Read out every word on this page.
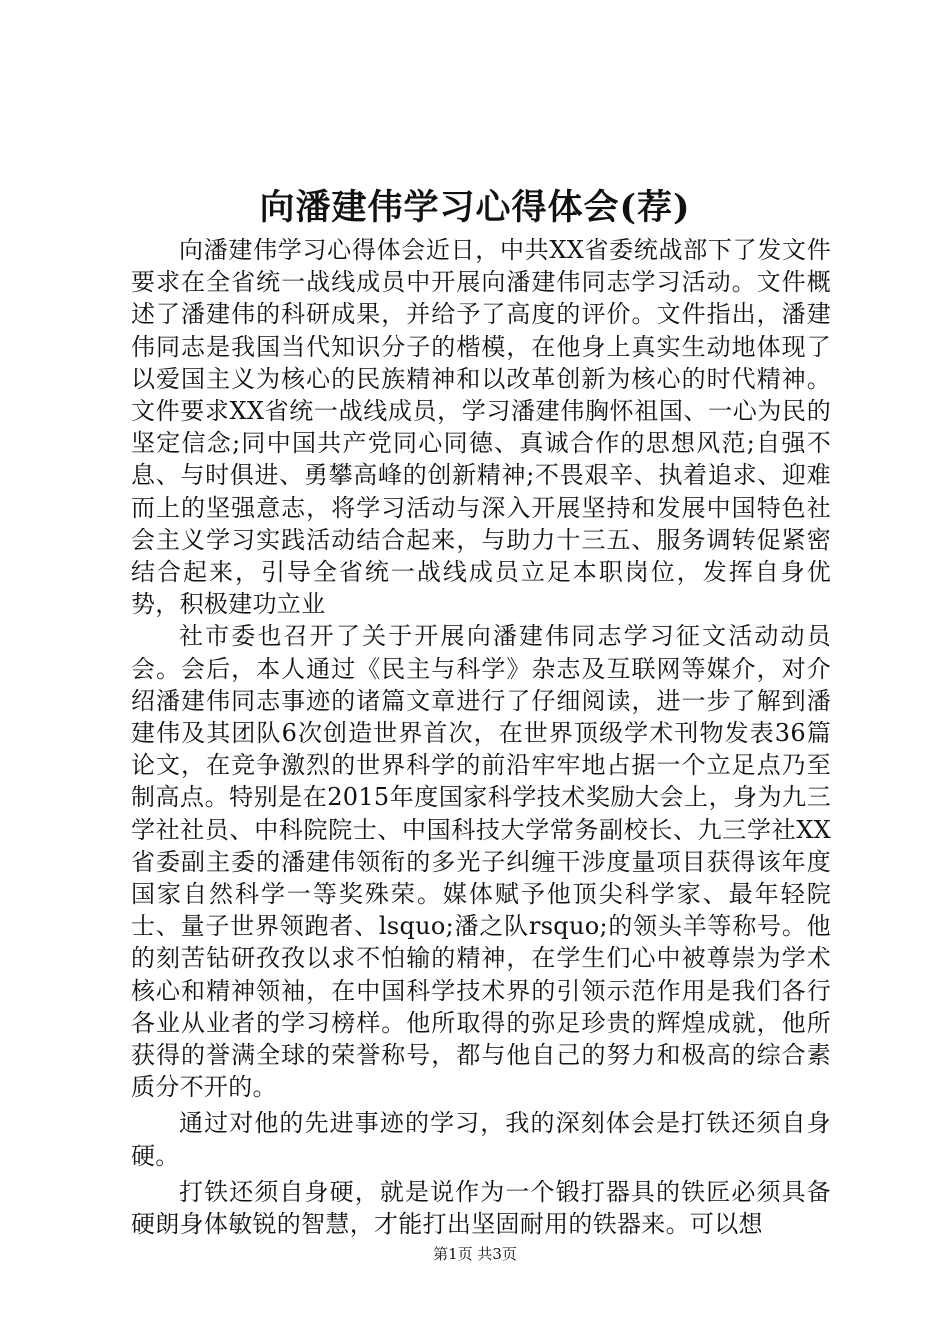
向潘建伟学习心得体会(荐)

向潘建伟学习心得体会近日，中共XX省委统战部下了发文件要求在全省统一战线成员中开展向潘建伟同志学习活动。文件概述了潘建伟的科研成果，并给予了高度的评价。文件指出，潘建伟同志是我国当代知识分子的楷模，在他身上真实生动地体现了以爱国主义为核心的民族精神和以改革创新为核心的时代精神。文件要求XX省统一战线成员，学习潘建伟胸怀祖国、一心为民的坚定信念;同中国共产党同心同德、真诚合作的思想风范;自强不息、与时俱进、勇攀高峰的创新精神;不畏艰辛、执着追求、迎难而上的坚强意志，将学习活动与深入开展坚持和发展中国特色社会主义学习实践活动结合起来，与助力十三五、服务调转促紧密结合起来，引导全省统一战线成员立足本职岗位，发挥自身优势，积极建功立业

社市委也召开了关于开展向潘建伟同志学习征文活动动员会。会后，本人通过《民主与科学》杂志及互联网等媒介，对介绍潘建伟同志事迹的诸篇文章进行了仔细阅读，进一步了解到潘建伟及其团队6次创造世界首次，在世界顶级学术刊物发表36篇论文，在竞争激烈的世界科学的前沿牢牢地占据一个立足点乃至制高点。特别是在2015年度国家科学技术奖励大会上，身为九三学社社员、中科院院士、中国科技大学常务副校长、九三学社XX省委副主委的潘建伟领衔的多光子纠缠干涉度量项目获得该年度国家自然科学一等奖殊荣。媒体赋予他顶尖科学家、最年轻院士、量子世界领跑者、lsquo;潘之队rsquo;的领头羊等称号。他的刻苦钻研孜孜以求不怕输的精神，在学生们心中被尊崇为学术核心和精神领袖，在中国科学技术界的引领示范作用是我们各行各业从业者的学习榜样。他所取得的弥足珍贵的辉煌成就，他所获得的誉满全球的荣誉称号，都与他自己的努力和极高的综合素质分不开的。

通过对他的先进事迹的学习，我的深刻体会是打铁还须自身硬。

打铁还须自身硬，就是说作为一个锻打器具的铁匠必须具备硬朗身体敏锐的智慧，才能打出坚固耐用的铁器来。可以想

第1页 共3页
